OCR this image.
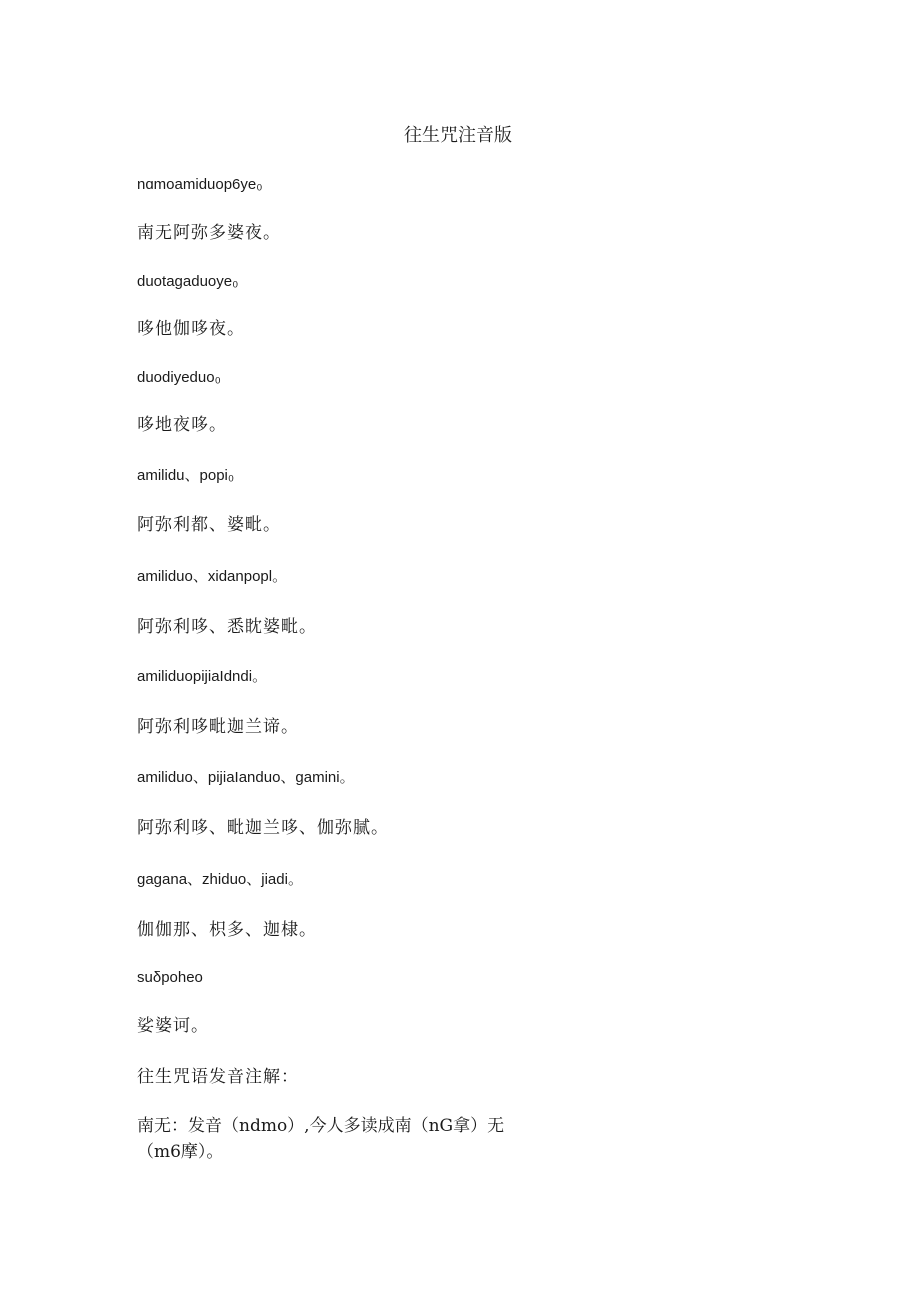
往生咒注音版
nɑmoamiduop6ye₀
南无阿弥多婆夜。
duotagaduoye₀
哆他伽哆夜。
duodiyeduo₀
哆地夜哆。
amilidu、popi₀
阿弥利都、婆毗。
amiliduo、xidanpopl。
阿弥利哆、悉眈婆毗。
amiliduopijiaIdndi。
阿弥利哆毗迦兰谛。
amiliduo、pijiaIanduo、gamini。
阿弥利哆、毗迦兰哆、伽弥腻。
gagana、zhiduo、jiadi。
伽伽那、枳多、迦棣。
suδpoheo
娑婆诃。
往生咒语发音注解：
南无：发音（ndmo）,今人多读成南（nG拿）无（m6摩）。
